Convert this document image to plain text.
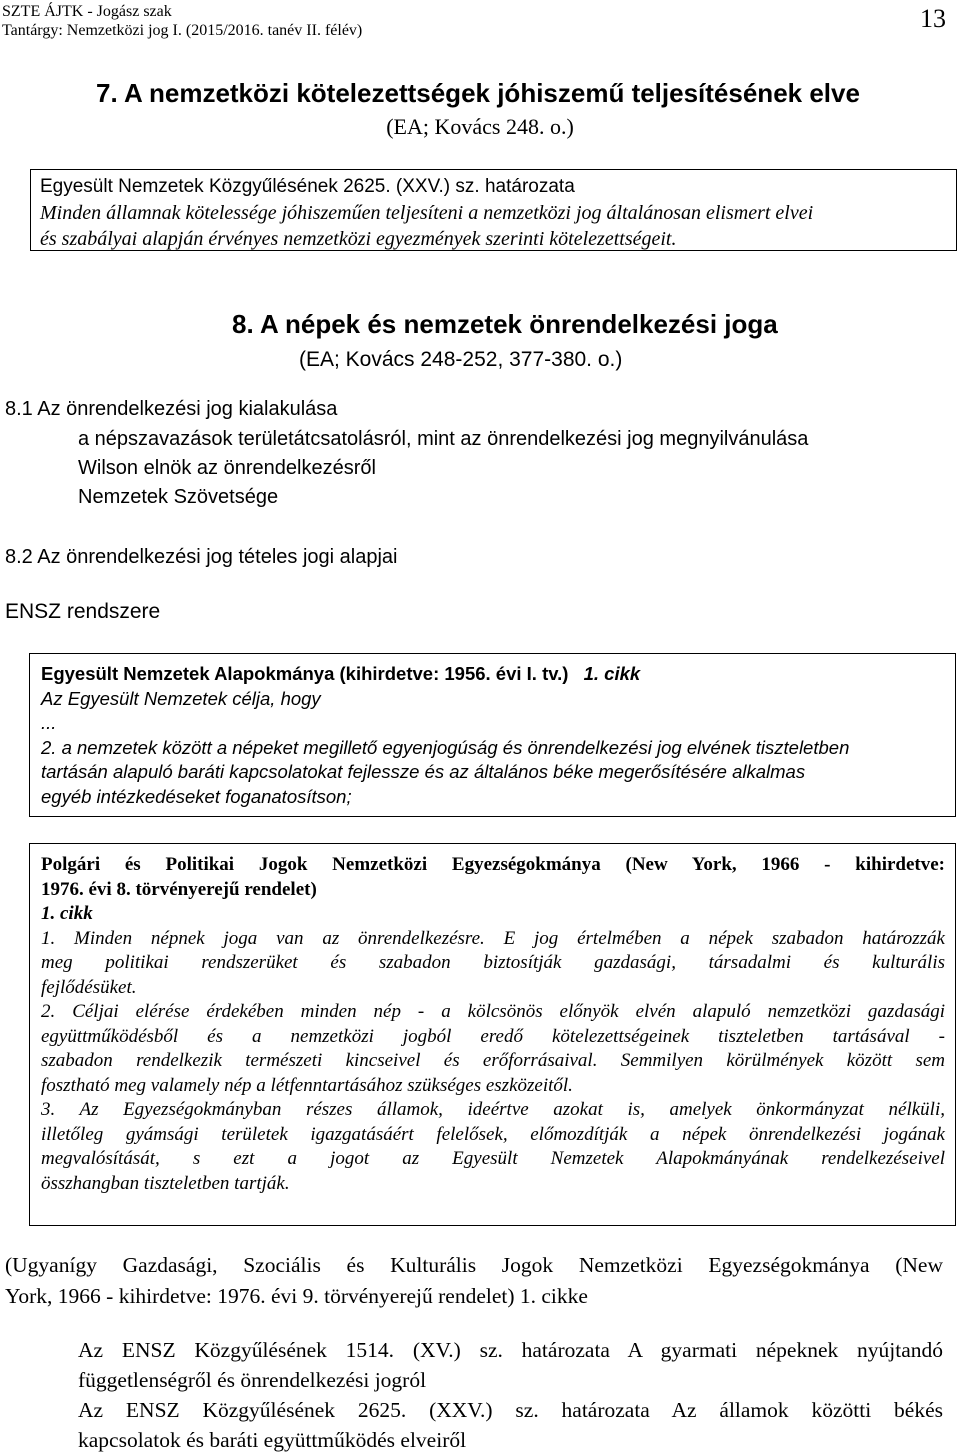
SZTE ÁJTK - Jogász szak
Tantárgy: Nemzetközi jog I. (2015/2016. tanév II. félév)	13
7. A nemzetközi kötelezettségek jóhiszemű teljesítésének elve
(EA; Kovács 248. o.)
Egyesült Nemzetek Közgyűlésének 2625. (XXV.) sz. határozata
Minden államnak kötelessége jóhiszeműen teljesíteni a nemzetközi jog általánosan elismert elvei
és szabályai alapján érvényes nemzetközi egyezmények szerinti kötelezettségeit.
8. A népek és nemzetek önrendelkezési joga
(EA; Kovács 248-252, 377-380. o.)
8.1 Az önrendelkezési jog kialakulása
a népszavazások területátcsatolásról, mint az önrendelkezési jog megnyilvánulása
Wilson elnök az önrendelkezésről
Nemzetek Szövetsége
8.2 Az önrendelkezési jog tételes jogi alapjai
ENSZ rendszere
Egyesült Nemzetek Alapokmánya (kihirdetve: 1956. évi I. tv.) 1. cikk
Az Egyesült Nemzetek célja, hogy
...
2. a nemzetek között a népeket megillető egyenjogúság és önrendelkezési jog elvének tiszteletben
tartásán alapuló baráti kapcsolatokat fejlessze és az általános béke megerősítésére alkalmas
egyéb intézkedéseket foganatosítson;
Polgári és Politikai Jogok Nemzetközi Egyezségokmánya (New York, 1966 - kihirdetve:
1976. évi 8. törvényerejű rendelet)
1. cikk
1. Minden népnek joga van az önrendelkezésre. E jog értelmében a népek szabadon határozzák
meg politikai rendszerüket és szabadon biztosítják gazdasági, társadalmi és kulturális
fejlődésüket.
2. Céljai elérése érdekében minden nép - a kölcsönös előnyök elvén alapuló nemzetközi gazdasági
együttműködésből és a nemzetközi jogból eredő kötelezettségeinek tiszteletben tartásával -
szabadon rendelkezik természeti kincseivel és erőforrásaival. Semmilyen körülmények között sem
fosztható meg valamely nép a létfenntartásához szükséges eszközeitől.
3. Az Egyezségokmányban részes államok, ideértve azokat is, amelyek önkormányzat nélküli,
illetőleg gyámsági területek igazgatásáért felelősek, előmozdítják a népek önrendelkezési jogának
megvalósítását, s ezt a jogot az Egyesült Nemzetek Alapokmányának rendelkezéseivel
összhangban tiszteletben tartják.
(Ugyanígy Gazdasági, Szociális és Kulturális Jogok Nemzetközi Egyezségokmánya (New
York, 1966 - kihirdetve: 1976. évi 9. törvényerejű rendelet) 1. cikke
Az ENSZ Közgyűlésének 1514. (XV.) sz. határozata A gyarmati népeknek nyújtandó
függetlenségről és önrendelkezési jogról
Az ENSZ Közgyűlésének 2625. (XXV.) sz. határozata Az államok közötti békés
kapcsolatok és baráti együttműködés elveiről
